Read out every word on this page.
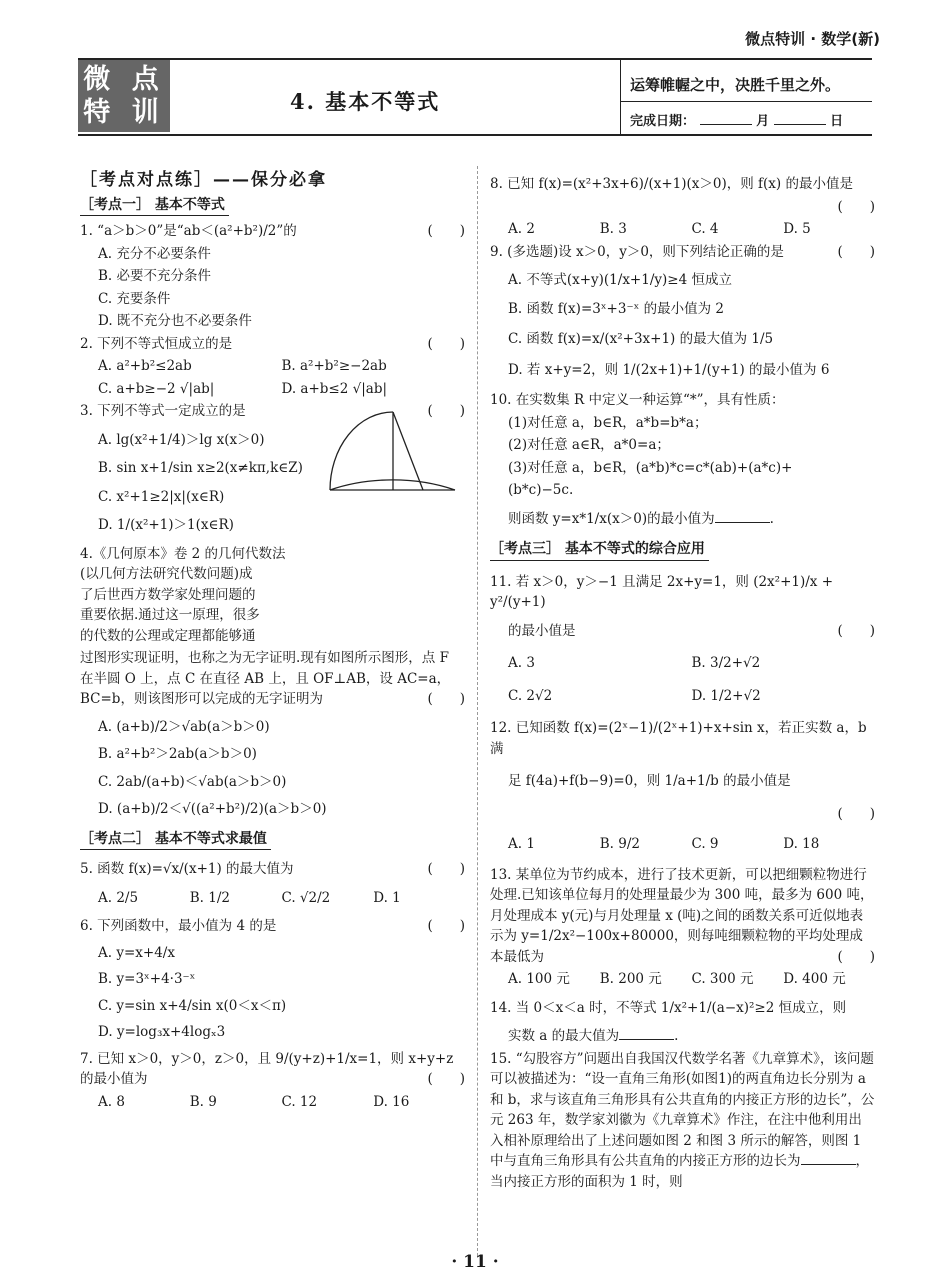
微点特训 · 数学(新)
微 点
特 训	4. 基本不等式
运筹帷幄之中，决胜千里之外。
完成日期：	月	日
［考点对点练］——保分必拿
［考点一］ 基本不等式
1. “a＞b＞0”是“ab＜(a²+b²)/2”的	(　　)
A. 充分不必要条件
B. 必要不充分条件
C. 充要条件
D. 既不充分也不必要条件
2. 下列不等式恒成立的是	(　　)
A. a²+b²≤2ab	B. a²+b²≥−2ab
C. a+b≥−2 √|ab|	D. a+b≤2 √|ab|
3. 下列不等式一定成立的是	(　　)
A. lg(x²+1/4)＞lg x(x＞0)
B. sin x+1/sin x≥2(x≠kπ,k∈Z)
C. x²+1≥2|x|(x∈R)
D. 1/(x²+1)＞1(x∈R)
4.《几何原本》卷 2 的几何代数法
(以几何方法研究代数问题)成
了后世西方数学家处理问题的
重要依据.通过这一原理，很多
的代数的公理或定理都能够通
过图形实现证明，也称之为无字证明.现有如图所示图形，点 F 在半圆 O 上，点 C 在直径 AB 上，且 OF⊥AB，设 AC=a，BC=b，则该图形可以完成的无字证明为	(　　)
A. (a+b)/2＞√ab(a＞b＞0)
B. a²+b²＞2ab(a＞b＞0)
C. 2ab/(a+b)＜√ab(a＞b＞0)
D. (a+b)/2＜√((a²+b²)/2)(a＞b＞0)
［考点二］ 基本不等式求最值
5. 函数 f(x)=√x/(x+1) 的最大值为	(　　)
A. 2/5	B. 1/2	C. √2/2	D. 1
6. 下列函数中，最小值为 4 的是	(　　)
A. y=x+4/x
B. y=3ˣ+4·3⁻ˣ
C. y=sin x+4/sin x(0＜x＜π)
D. y=log₃x+4logₓ3
7. 已知 x＞0，y＞0，z＞0，且 9/(y+z)+1/x=1，则 x+y+z 的最小值为	(　　)
A. 8	B. 9	C. 12	D. 16
8. 已知 f(x)=(x²+3x+6)/(x+1)(x＞0)，则 f(x) 的最小值是
(　　)
A. 2	B. 3	C. 4	D. 5
9. (多选题)设 x＞0，y＞0，则下列结论正确的是	(　　)
A. 不等式(x+y)(1/x+1/y)≥4 恒成立
B. 函数 f(x)=3ˣ+3⁻ˣ 的最小值为 2
C. 函数 f(x)=x/(x²+3x+1) 的最大值为 1/5
D. 若 x+y=2，则 1/(2x+1)+1/(y+1) 的最小值为 6
10. 在实数集 R 中定义一种运算“*”，具有性质：
(1)对任意 a，b∈R，a*b=b*a；
(2)对任意 a∈R，a*0=a；
(3)对任意 a，b∈R，(a*b)*c=c*(ab)+(a*c)+
(b*c)−5c.
则函数 y=x*1/x(x＞0)的最小值为	.
［考点三］ 基本不等式的综合应用
11. 若 x＞0，y＞−1 且满足 2x+y=1，则 (2x²+1)/x + y²/(y+1)
的最小值是	(　　)
A. 3	B. 3/2+√2
C. 2√2	D. 1/2+√2
12. 已知函数 f(x)=(2ˣ−1)/(2ˣ+1)+x+sin x，若正实数 a，b 满
足 f(4a)+f(b−9)=0，则 1/a+1/b 的最小值是
(　　)
A. 1	B. 9/2	C. 9	D. 18
13. 某单位为节约成本，进行了技术更新，可以把细颗粒物进行处理.已知该单位每月的处理量最少为 300 吨，最多为 600 吨，月处理成本 y(元)与月处理量 x (吨)之间的函数关系可近似地表示为 y=1/2x²−100x+80000，则每吨细颗粒物的平均处理成本最低为	(　　)
A. 100 元	B. 200 元	C. 300 元	D. 400 元
14. 当 0＜x＜a 时，不等式 1/x²+1/(a−x)²≥2 恒成立，则
实数 a 的最大值为	.
15. “勾股容方”问题出自我国汉代数学名著《九章算术》，该问题可以被描述为：“设一直角三角形(如图1)的两直角边长分别为 a 和 b，求与该直角三角形具有公共直角的内接正方形的边长”，公元 263 年，数学家刘徽为《九章算术》作注，在注中他利用出入相补原理给出了上述问题如图 2 和图 3 所示的解答，则图 1 中与直角三角形具有公共直角的内接正方形的边长为	，当内接正方形的面积为 1 时，则
· 11 ·
